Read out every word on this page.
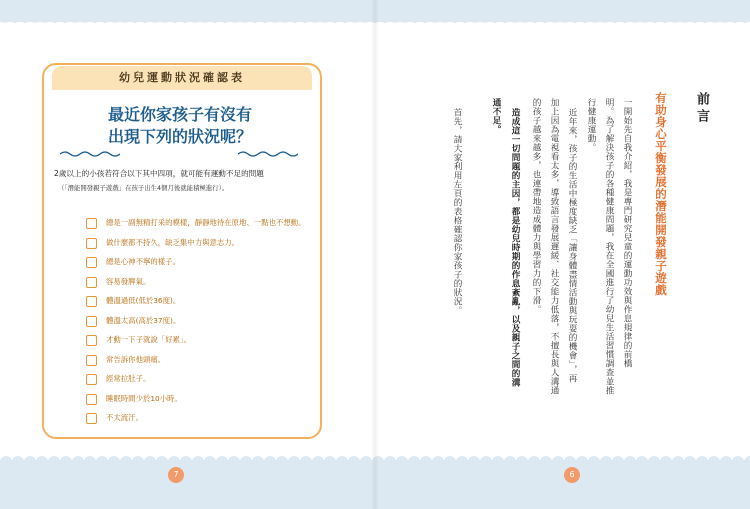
幼兒運動狀況確認表
最近你家孩子有沒有
出現下列的狀況呢？
2歲以上的小孩若符合以下其中四項，就可能有運動不足的問題
（「潛能開發親子遊戲」在孩子出生4個月後就能積極進行）。
總是一副無精打采的模樣，靜靜地待在原地、一點也不想動。
做什麼都不持久，缺乏集中力與意志力。
總是心神不寧的樣子。
容易發脾氣。
體溫過低(低於36度)。
體溫太高(高於37度)。
才動一下子就說「好累」。
常告訴你他頭痛。
經常拉肚子。
睡眠時間少於10小時。
不太流汗。
7
前言
有助身心平衡發展的潛能開發親子遊戲
一開始先自我介紹，我是專門研究兒童的運動功效與作息規律的前橋
明。為了解決孩子的各種健康問題，我在全國進行了幼兒生活習慣調查並推
行健康運動。
近年來，孩子的生活中極度缺乏「讓身體盡情活動與玩耍的機會」，再
加上因為電視看太多，導致語言發展遲緩、社交能力低落，不擅長與人溝通
的孩子越來越多，也連帶地造成體力與學習力的下滑。
造成這一切問題的主因，都是幼兒時期的作息紊亂，以及親子之間的溝
通不足。
首先，請大家利用左頁的表格確認你家孩子的狀況。
6
